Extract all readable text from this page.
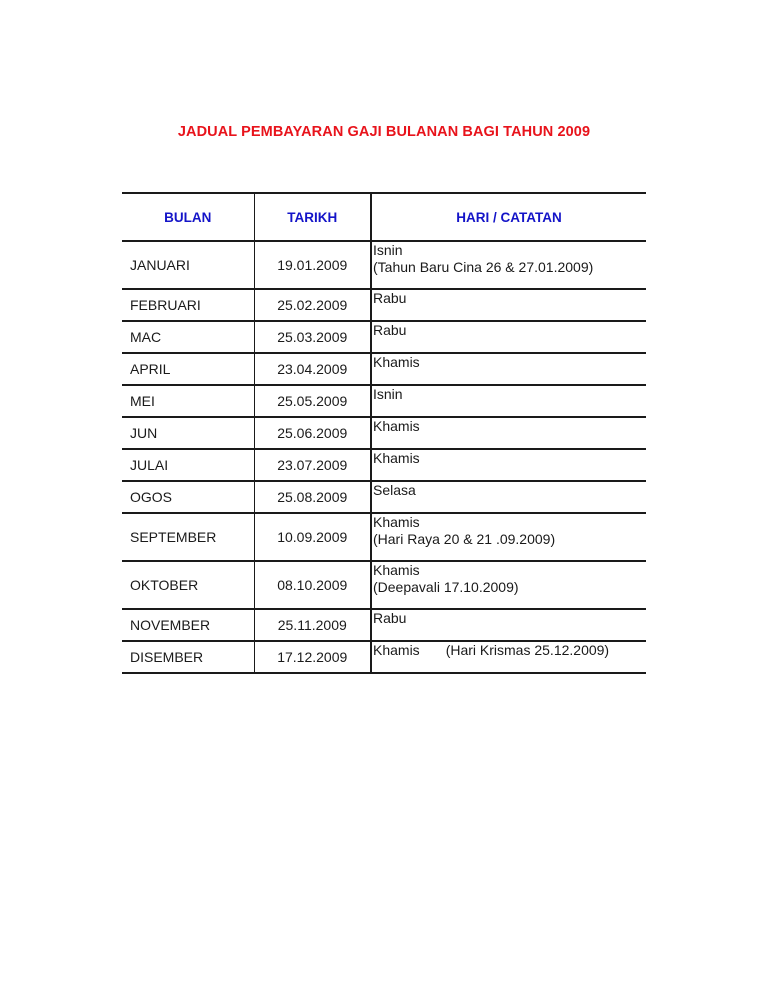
JADUAL PEMBAYARAN GAJI BULANAN BAGI TAHUN 2009
BULAN	TARIKH	HARI / CATATAN
JANUARI	19.01.2009	Isnin
(Tahun Baru Cina 26 & 27.01.2009)

FEBRUARI	25.02.2009	Rabu

MAC	25.03.2009	Rabu

APRIL	23.04.2009	Khamis

MEI	25.05.2009	Isnin

JUN	25.06.2009	Khamis

JULAI	23.07.2009	Khamis

OGOS	25.08.2009	Selasa

SEPTEMBER	10.09.2009	Khamis
(Hari Raya 20 & 21 .09.2009)

OKTOBER	08.10.2009	Khamis
(Deepavali 17.10.2009)

NOVEMBER	25.11.2009	Rabu

DISEMBER	17.12.2009	Khamis (Hari Krismas 25.12.2009)
